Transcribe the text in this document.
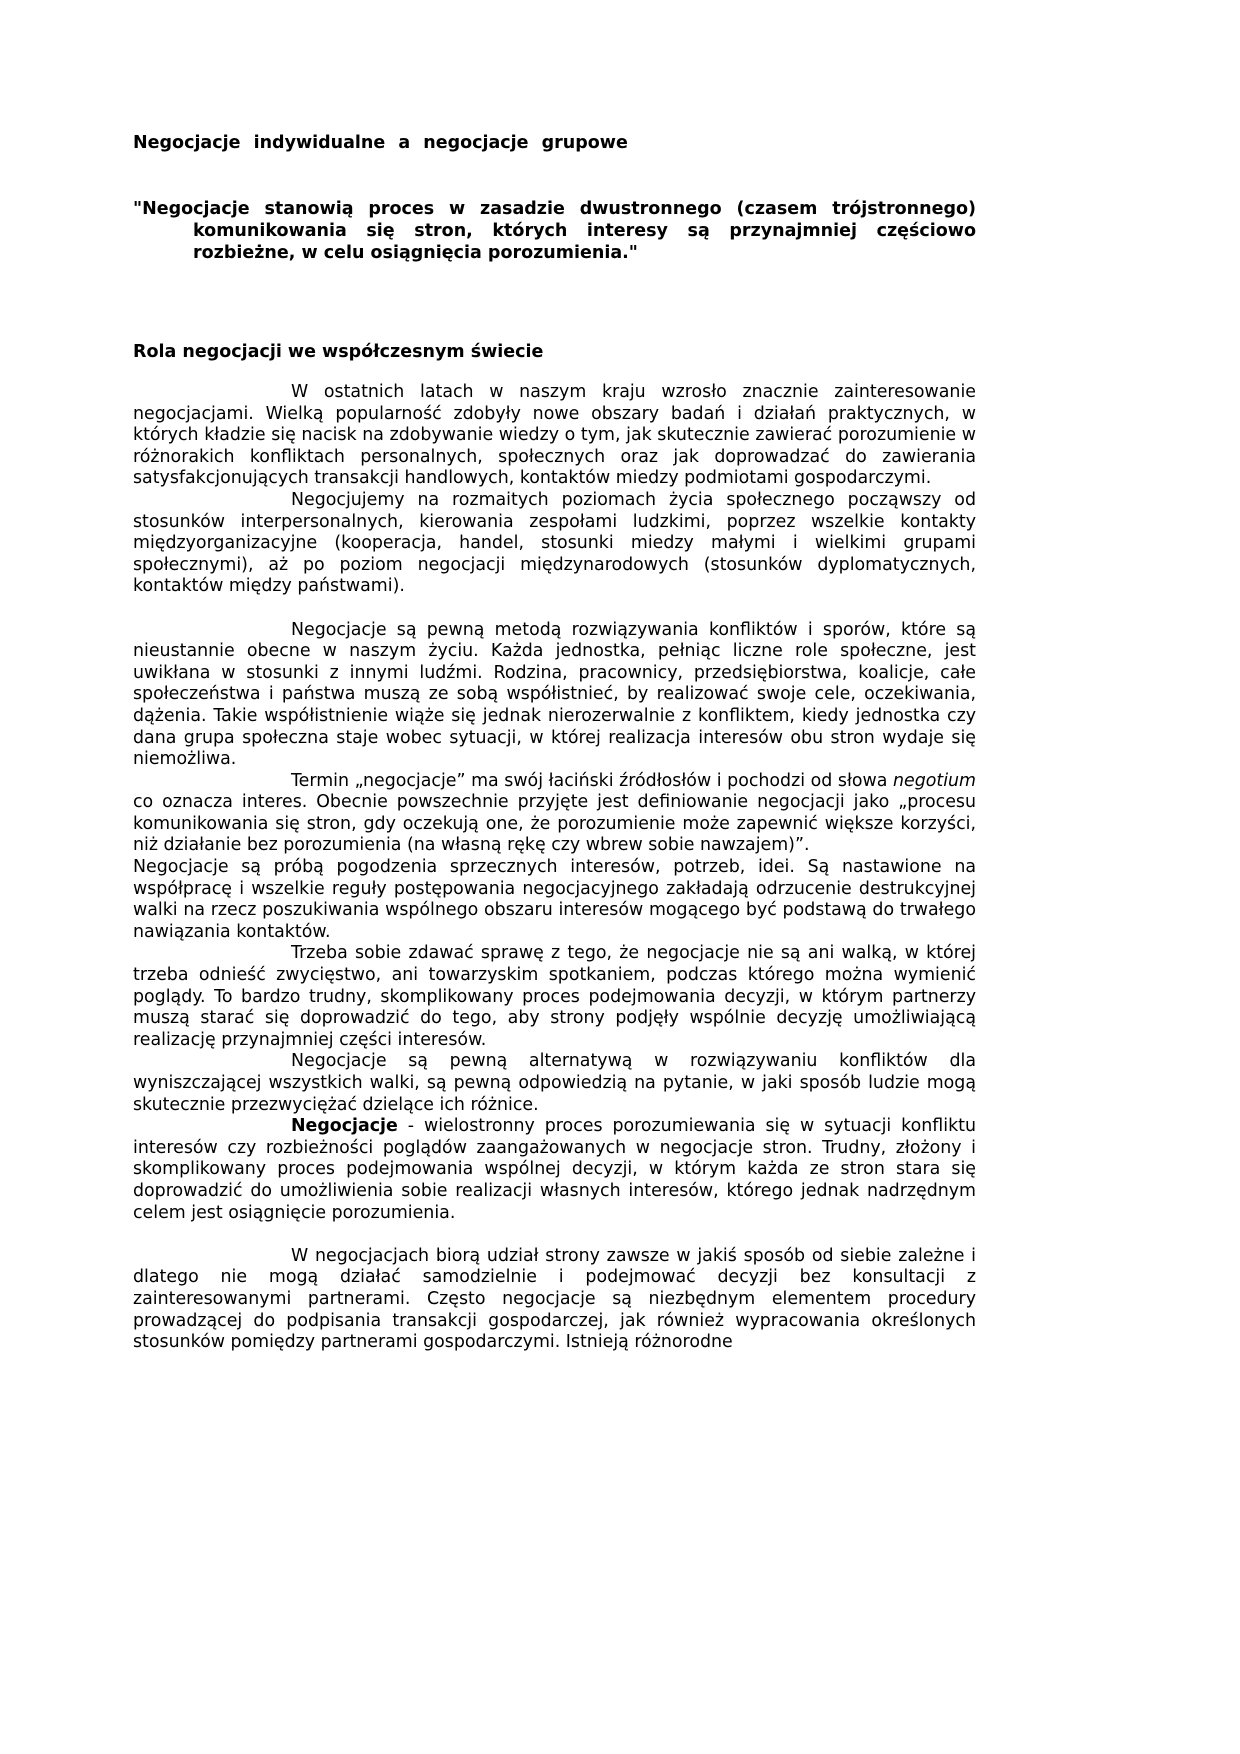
Negocjacje indywidualne a negocjacje grupowe

"Negocjacje stanowią proces w zasadzie dwustronnego (czasem trójstronnego) komunikowania się stron, których interesy są przynajmniej częściowo rozbieżne, w celu osiągnięcia porozumienia."

Rola negocjacji we współczesnym świecie

W ostatnich latach w naszym kraju wzrosło znacznie zainteresowanie negocjacjami. Wielką popularność zdobyły nowe obszary badań i działań praktycznych, w których kładzie się nacisk na zdobywanie wiedzy o tym, jak skutecznie zawierać porozumienie w różnorakich konfliktach personalnych, społecznych oraz jak doprowadzać do zawierania satysfakcjonujących transakcji handlowych, kontaktów miedzy podmiotami gospodarczymi.

Negocjujemy na rozmaitych poziomach życia społecznego począwszy od stosunków interpersonalnych, kierowania zespołami ludzkimi, poprzez wszelkie kontakty międzyorganizacyjne (kooperacja, handel, stosunki miedzy małymi i wielkimi grupami społecznymi), aż po poziom negocjacji międzynarodowych (stosunków dyplomatycznych, kontaktów między państwami).

Negocjacje są pewną metodą rozwiązywania konfliktów i sporów, które są nieustannie obecne w naszym życiu. Każda jednostka, pełniąc liczne role społeczne, jest uwikłana w stosunki z innymi ludźmi. Rodzina, pracownicy, przedsiębiorstwa, koalicje, całe społeczeństwa i państwa muszą ze sobą współistnieć, by realizować swoje cele, oczekiwania, dążenia. Takie współistnienie wiąże się jednak nierozerwalnie z konfliktem, kiedy jednostka czy dana grupa społeczna staje wobec sytuacji, w której realizacja interesów obu stron wydaje się niemożliwa.

Termin „negocjacje” ma swój łaciński źródłosłów i pochodzi od słowa negotium co oznacza interes. Obecnie powszechnie przyjęte jest definiowanie negocjacji jako „procesu komunikowania się stron, gdy oczekują one, że porozumienie może zapewnić większe korzyści, niż działanie bez porozumienia (na własną rękę czy wbrew sobie nawzajem)”.

Negocjacje są próbą pogodzenia sprzecznych interesów, potrzeb, idei. Są nastawione na współpracę i wszelkie reguły postępowania negocjacyjnego zakładają odrzucenie destrukcyjnej walki na rzecz poszukiwania wspólnego obszaru interesów mogącego być podstawą do trwałego nawiązania kontaktów.

Trzeba sobie zdawać sprawę z tego, że negocjacje nie są ani walką, w której trzeba odnieść zwycięstwo, ani towarzyskim spotkaniem, podczas którego można wymienić poglądy. To bardzo trudny, skomplikowany proces podejmowania decyzji, w którym partnerzy muszą starać się doprowadzić do tego, aby strony podjęły wspólnie decyzję umożliwiającą realizację przynajmniej części interesów.

Negocjacje są pewną alternatywą w rozwiązywaniu konfliktów dla wyniszczającej wszystkich walki, są pewną odpowiedzią na pytanie, w jaki sposób ludzie mogą skutecznie przezwyciężać dzielące ich różnice.

Negocjacje - wielostronny proces porozumiewania się w sytuacji konfliktu interesów czy rozbieżności poglądów zaangażowanych w negocjacje stron. Trudny, złożony i skomplikowany proces podejmowania wspólnej decyzji, w którym każda ze stron stara się doprowadzić do umożliwienia sobie realizacji własnych interesów, którego jednak nadrzędnym celem jest osiągnięcie porozumienia.

W negocjacjach biorą udział strony zawsze w jakiś sposób od siebie zależne i dlatego nie mogą działać samodzielnie i podejmować decyzji bez konsultacji z zainteresowanymi partnerami. Często negocjacje są niezbędnym elementem procedury prowadzącej do podpisania transakcji gospodarczej, jak również wypracowania określonych stosunków pomiędzy partnerami gospodarczymi. Istnieją różnorodne
